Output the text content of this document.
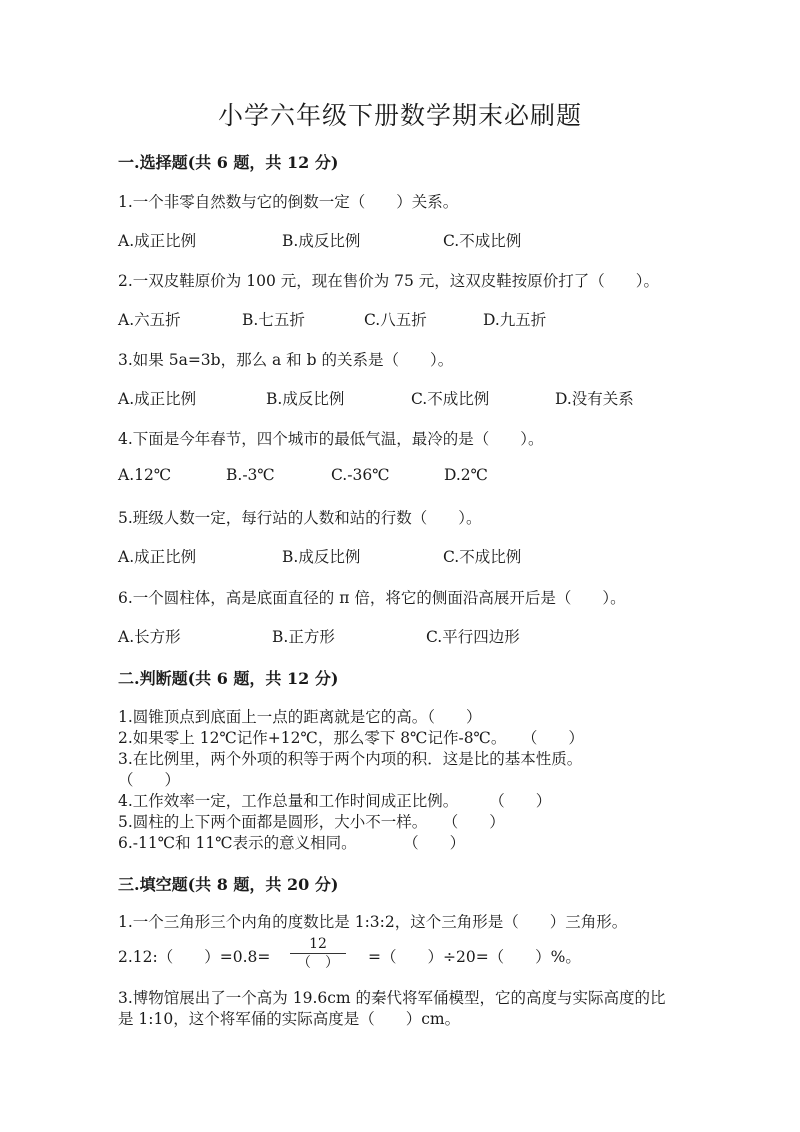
小学六年级下册数学期末必刷题
一.选择题(共 6 题，共 12 分)
1.一个非零自然数与它的倒数一定（　　）关系。
A.成正比例	B.成反比例	C.不成比例
2.一双皮鞋原价为 100 元，现在售价为 75 元，这双皮鞋按原价打了（　　）。
A.六五折	B.七五折	C.八五折	D.九五折
3.如果 5a=3b，那么 a 和 b 的关系是（　　）。
A.成正比例	B.成反比例	C.不成比例	D.没有关系
4.下面是今年春节，四个城市的最低气温，最冷的是（　　）。
A.12℃	B.-3℃	C.-36℃	D.2℃
5.班级人数一定，每行站的人数和站的行数（　　）。
A.成正比例	B.成反比例	C.不成比例
6.一个圆柱体，高是底面直径的 π 倍，将它的侧面沿高展开后是（　　）。
A.长方形	B.正方形	C.平行四边形
二.判断题(共 6 题，共 12 分)
1.圆锥顶点到底面上一点的距离就是它的高。（　　）
2.如果零上 12℃记作+12℃，那么零下 8℃记作-8℃。　　（　　）
3.在比例里，两个外项的积等于两个内项的积．这是比的基本性质。
（　　）
4.工作效率一定，工作总量和工作时间成正比例。　　　（　　）
5.圆柱的上下两个面都是圆形，大小不一样。　　（　　）
6.-11℃和 11℃表示的意义相同。　　　　（　　）
三.填空题(共 8 题，共 20 分)
1.一个三角形三个内角的度数比是 1:3:2，这个三角形是（　　）三角形。
2.12:（　　）=0.8=
12
（　）	=（　　）÷20=（　　）%。
3.博物馆展出了一个高为 19.6cm 的秦代将军俑模型，它的高度与实际高度的比
是 1:10，这个将军俑的实际高度是（　　）cm。
